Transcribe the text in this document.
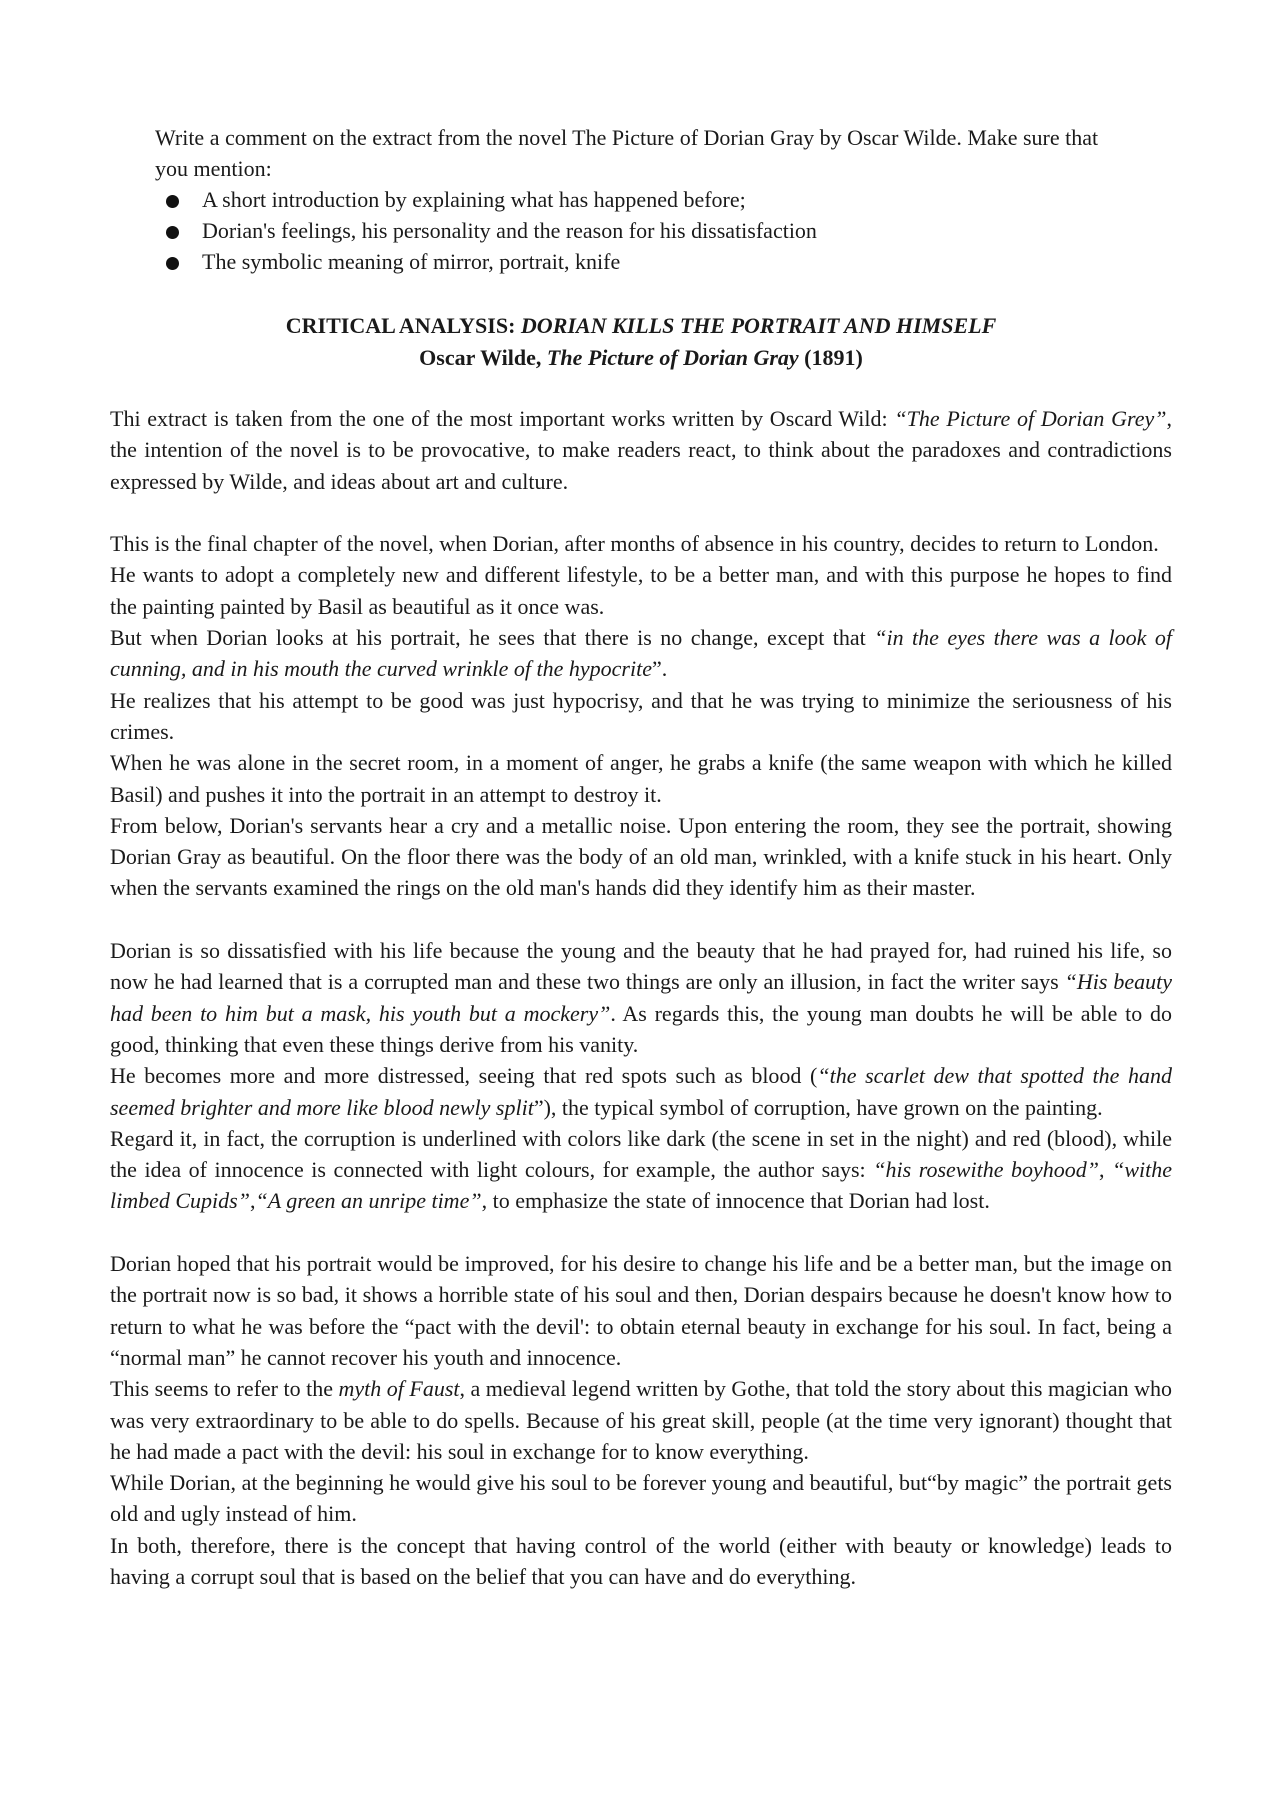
Write a comment on the extract from the novel The Picture of Dorian Gray by Oscar Wilde. Make sure that you mention:

A short introduction by explaining what has happened before;
Dorian's feelings, his personality and the reason for his dissatisfaction
The symbolic meaning of mirror, portrait, knife
CRITICAL ANALYSIS: DORIAN KILLS THE PORTRAIT AND HIMSELF
Oscar Wilde, The Picture of Dorian Gray (1891)

Thi extract is taken from the one of the most important works written by Oscard Wild: “The Picture of Dorian Grey”, the intention of the novel is to be provocative, to make readers react, to think about the paradoxes and contradictions expressed by Wilde, and ideas about art and culture.

This is the final chapter of the novel, when Dorian, after months of absence in his country, decides to return to London.

He wants to adopt a completely new and different lifestyle, to be a better man, and with this purpose he hopes to find the painting painted by Basil as beautiful as it once was.

But when Dorian looks at his portrait, he sees that there is no change, except that “in the eyes there was a look of cunning, and in his mouth the curved wrinkle of the hypocrite”.

He realizes that his attempt to be good was just hypocrisy, and that he was trying to minimize the seriousness of his crimes.

When he was alone in the secret room, in a moment of anger, he grabs a knife (the same weapon with which he killed Basil) and pushes it into the portrait in an attempt to destroy it.

From below, Dorian's servants hear a cry and a metallic noise. Upon entering the room, they see the portrait, showing Dorian Gray as beautiful. On the floor there was the body of an old man, wrinkled, with a knife stuck in his heart. Only when the servants examined the rings on the old man's hands did they identify him as their master.

Dorian is so dissatisfied with his life because the young and the beauty that he had prayed for, had ruined his life, so now he had learned that is a corrupted man and these two things are only an illusion, in fact the writer says “His beauty had been to him but a mask, his youth but a mockery”. As regards this, the young man doubts he will be able to do good, thinking that even these things derive from his vanity.

He becomes more and more distressed, seeing that red spots such as blood (“the scarlet dew that spotted the hand seemed brighter and more like blood newly split”), the typical symbol of corruption, have grown on the painting.

Regard it, in fact, the corruption is underlined with colors like dark (the scene in set in the night) and red (blood), while the idea of innocence is connected with light colours, for example, the author says: “his rosewithe boyhood”, “withe limbed Cupids”,“A green an unripe time”, to emphasize the state of innocence that Dorian had lost.

Dorian hoped that his portrait would be improved, for his desire to change his life and be a better man, but the image on the portrait now is so bad, it shows a horrible state of his soul and then, Dorian despairs because he doesn't know how to return to what he was before the “pact with the devil': to obtain eternal beauty in exchange for his soul. In fact, being a “normal man” he cannot recover his youth and innocence.

This seems to refer to the myth of Faust, a medieval legend written by Gothe, that told the story about this magician who was very extraordinary to be able to do spells. Because of his great skill, people (at the time very ignorant) thought that he had made a pact with the devil: his soul in exchange for to know everything.

While Dorian, at the beginning he would give his soul to be forever young and beautiful, but“by magic” the portrait gets old and ugly instead of him.

In both, therefore, there is the concept that having control of the world (either with beauty or knowledge) leads to having a corrupt soul that is based on the belief that you can have and do everything.
